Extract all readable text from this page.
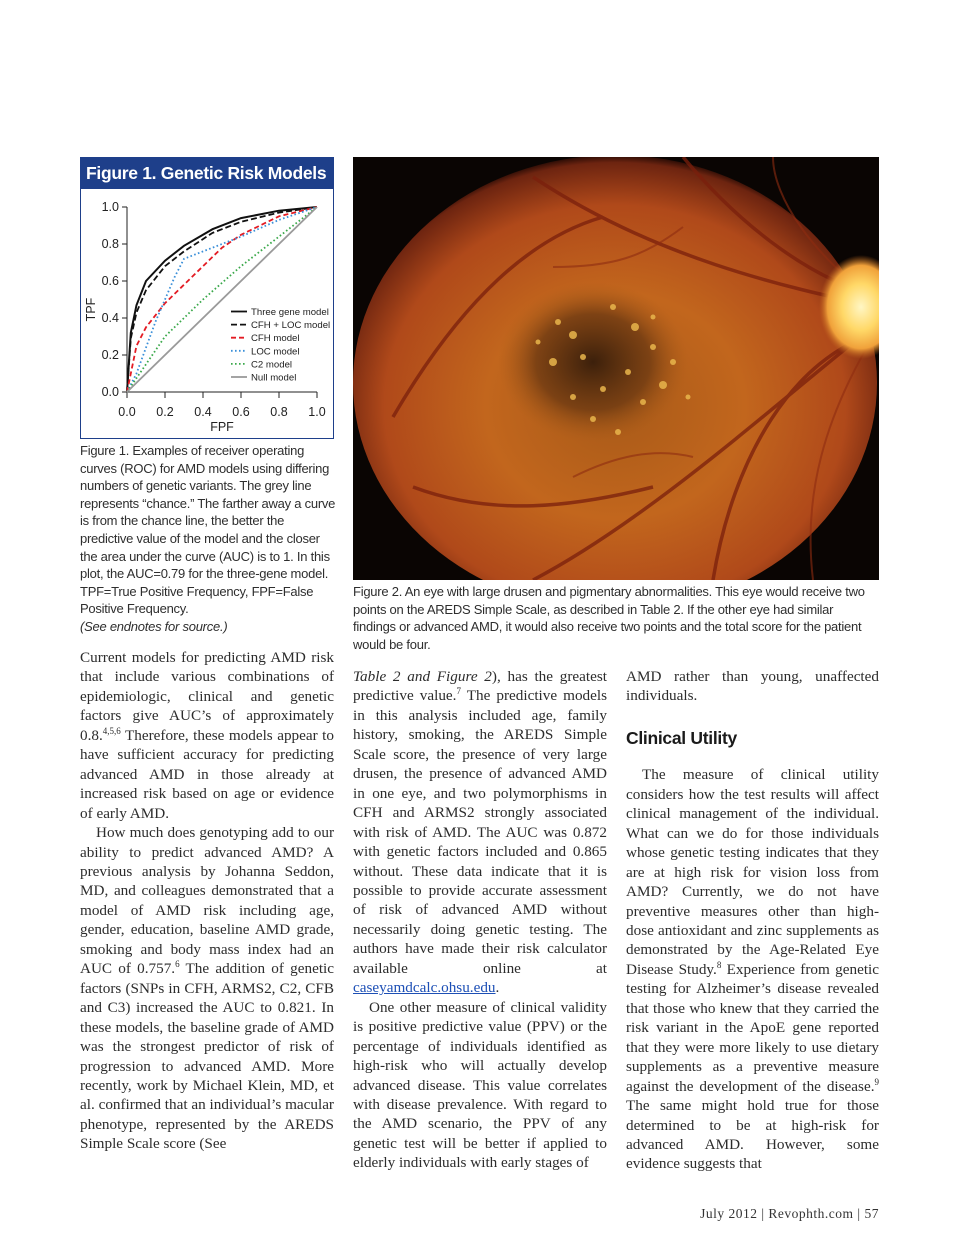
Figure 1. Genetic Risk Models
0.0
0.2
0.4
0.6
0.8
1.0
0.0 0.2 0.4 0.6 0.8 1.0
FPF
TPF	Three gene model
CFH + LOC model
CFH model
LOC model
C2 model
Null model
Figure 1. Examples of receiver operating curves (ROC) for AMD models using differing numbers of genetic variants. The grey line represents “chance.” The farther away a curve is from the chance line, the better the predictive value of the model and the closer the area under the curve (AUC) is to 1. In this plot, the AUC=0.79 for the three-gene model. TPF=True Positive Frequency, FPF=False Positive Frequency.
(See endnotes for source.)
Figure 2. An eye with large drusen and pigmentary abnormalities. This eye would receive two points on the AREDS Simple Scale, as described in Table 2. If the other eye had similar findings or advanced AMD, it would also receive two points and the total score for the patient would be four.

Current models for predicting AMD risk that include various combinations of epidemiologic, clinical and genetic factors give AUC’s of approximately 0.8.$^{4,5,6}$ Therefore, these models appear to have sufficient accuracy for predicting advanced AMD in those already at increased risk based on age or evidence of early AMD.

How much does genotyping add to our ability to predict advanced AMD? A previous analysis by Johanna Seddon, MD, and colleagues demonstrated that a model of AMD risk including age, gender, education, baseline AMD grade, smoking and body mass index had an AUC of 0.757.$^6$ The addition of genetic factors (SNPs in CFH, ARMS2, C2, CFB and C3) increased the AUC to 0.821. In these models, the baseline grade of AMD was the strongest predictor of risk of progression to advanced AMD. More recently, work by Michael Klein, MD, et al. confirmed that an individual’s macular phenotype, represented by the AREDS Simple Scale score (See

Table 2 and Figure 2), has the greatest predictive value.$^7$ The predictive models in this analysis included age, family history, smoking, the AREDS Simple Scale score, the presence of very large drusen, the presence of advanced AMD in one eye, and two polymorphisms in CFH and ARMS2 strongly associated with risk of AMD. The AUC was 0.872 with genetic factors included and 0.865 without. These data indicate that it is possible to provide accurate assessment of risk of advanced AMD without necessarily doing genetic testing. The authors have made their risk calculator available online at caseyamdcalc.ohsu.edu.

One other measure of clinical validity is positive predictive value (PPV) or the percentage of individuals identified as high-risk who will actually develop advanced disease. This value correlates with disease prevalence. With regard to the AMD scenario, the PPV of any genetic test will be better if applied to elderly individuals with early stages of

AMD rather than young, unaffected individuals.

Clinical Utility

The measure of clinical utility considers how the test results will affect clinical management of the individual. What can we do for those individuals whose genetic testing indicates that they are at high risk for vision loss from AMD? Currently, we do not have preventive measures other than high-dose antioxidant and zinc supplements as demonstrated by the Age-Related Eye Disease Study.$^8$ Experience from genetic testing for Alzheimer’s disease revealed that those who knew that they carried the risk variant in the ApoE gene reported that they were more likely to use dietary supplements as a preventive measure against the development of the disease.$^9$ The same might hold true for those determined to be at high-risk for advanced AMD. However, some evidence suggests that

July 2012 | Revophth.com | 57
